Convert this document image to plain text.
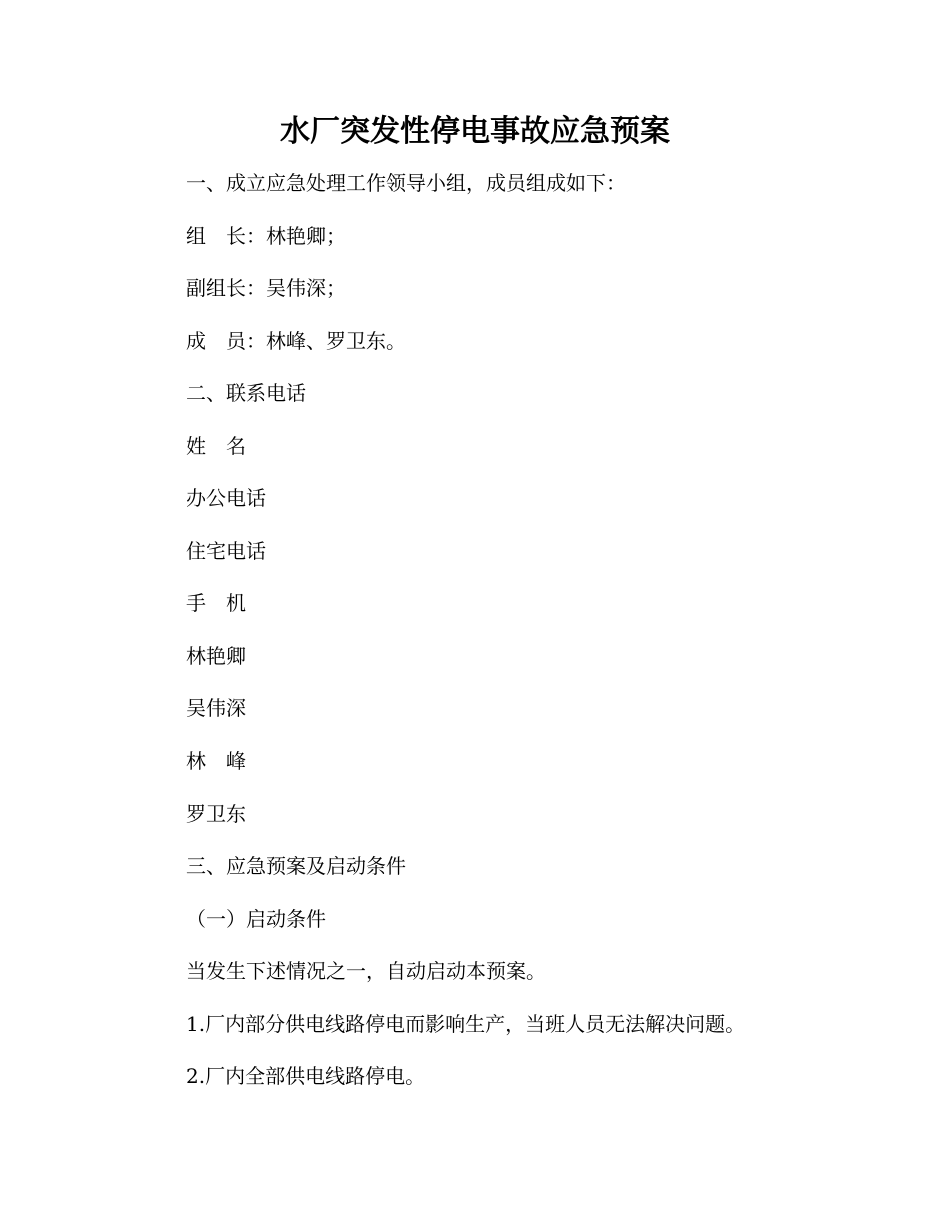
水厂突发性停电事故应急预案

一、成立应急处理工作领导小组，成员组成如下：

组　长：林艳卿；

副组长：吴伟深；

成　员：林峰、罗卫东。

二、联系电话

姓　名

办公电话

住宅电话

手　机

林艳卿

吴伟深

林　峰

罗卫东

三、应急预案及启动条件

（一）启动条件

当发生下述情况之一，自动启动本预案。

1.厂内部分供电线路停电而影响生产，当班人员无法解决问题。

2.厂内全部供电线路停电。
